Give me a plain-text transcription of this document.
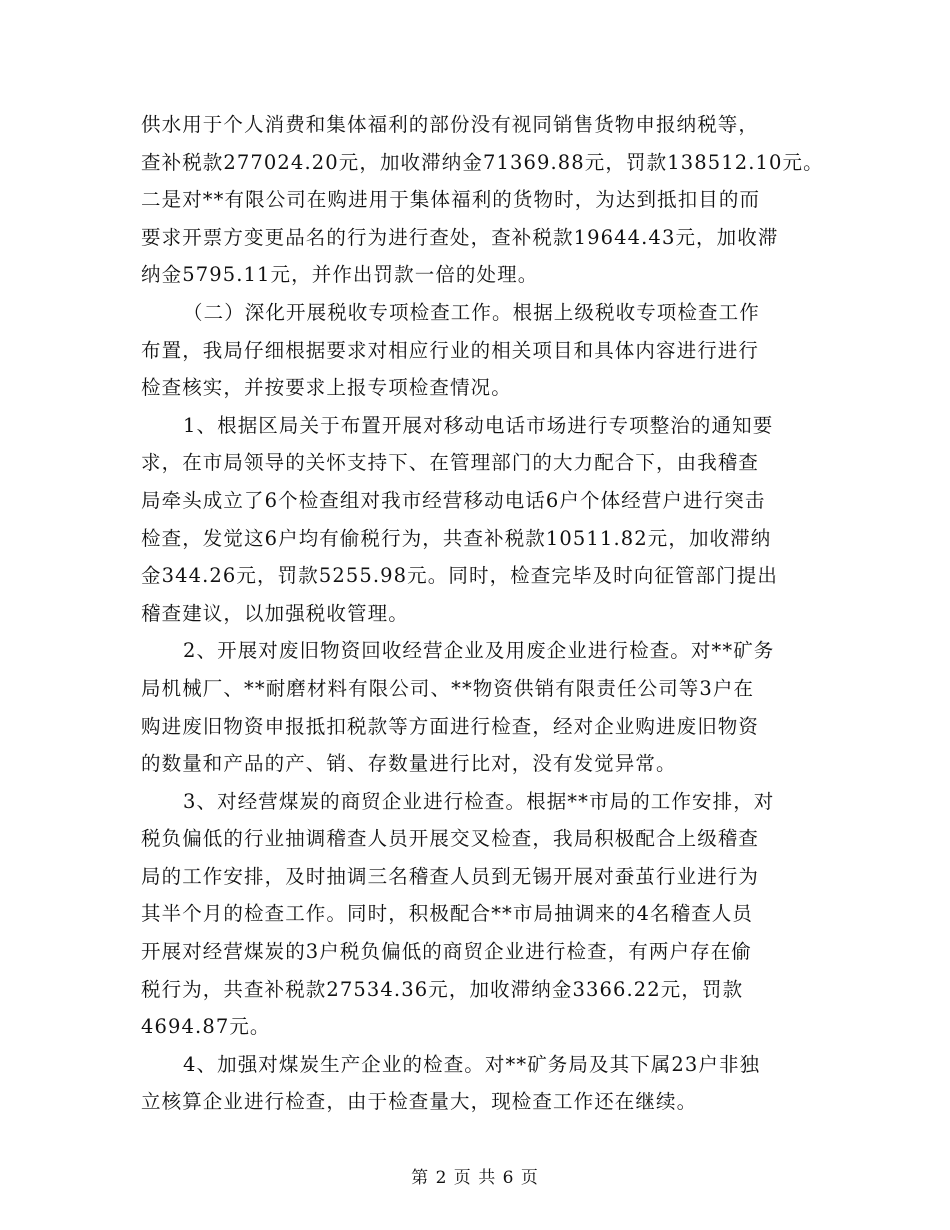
供水用于个人消费和集体福利的部份没有视同销售货物申报纳税等，
查补税款277024.20元，加收滞纳金71369.88元，罚款138512.10元。
二是对**有限公司在购进用于集体福利的货物时，为达到抵扣目的而
要求开票方变更品名的行为进行查处，查补税款19644.43元，加收滞
纳金5795.11元，并作出罚款一倍的处理。
（二）深化开展税收专项检查工作。根据上级税收专项检查工作
布置，我局仔细根据要求对相应行业的相关项目和具体内容进行进行
检查核实，并按要求上报专项检查情况。
1、根据区局关于布置开展对移动电话市场进行专项整治的通知要
求，在市局领导的关怀支持下、在管理部门的大力配合下，由我稽查
局牵头成立了6个检查组对我市经营移动电话6户个体经营户进行突击
检查，发觉这6户均有偷税行为，共查补税款10511.82元，加收滞纳
金344.26元，罚款5255.98元。同时，检查完毕及时向征管部门提出
稽查建议，以加强税收管理。
2、开展对废旧物资回收经营企业及用废企业进行检查。对**矿务
局机械厂、**耐磨材料有限公司、**物资供销有限责任公司等3户在
购进废旧物资申报抵扣税款等方面进行检查，经对企业购进废旧物资
的数量和产品的产、销、存数量进行比对，没有发觉异常。
3、对经营煤炭的商贸企业进行检查。根据**市局的工作安排，对
税负偏低的行业抽调稽查人员开展交叉检查，我局积极配合上级稽查
局的工作安排，及时抽调三名稽查人员到无锡开展对蚕茧行业进行为
其半个月的检查工作。同时，积极配合**市局抽调来的4名稽查人员
开展对经营煤炭的3户税负偏低的商贸企业进行检查，有两户存在偷
税行为，共查补税款27534.36元，加收滞纳金3366.22元，罚款
4694.87元。
4、加强对煤炭生产企业的检查。对**矿务局及其下属23户非独
立核算企业进行检查，由于检查量大，现检查工作还在继续。
第 2 页 共 6 页
